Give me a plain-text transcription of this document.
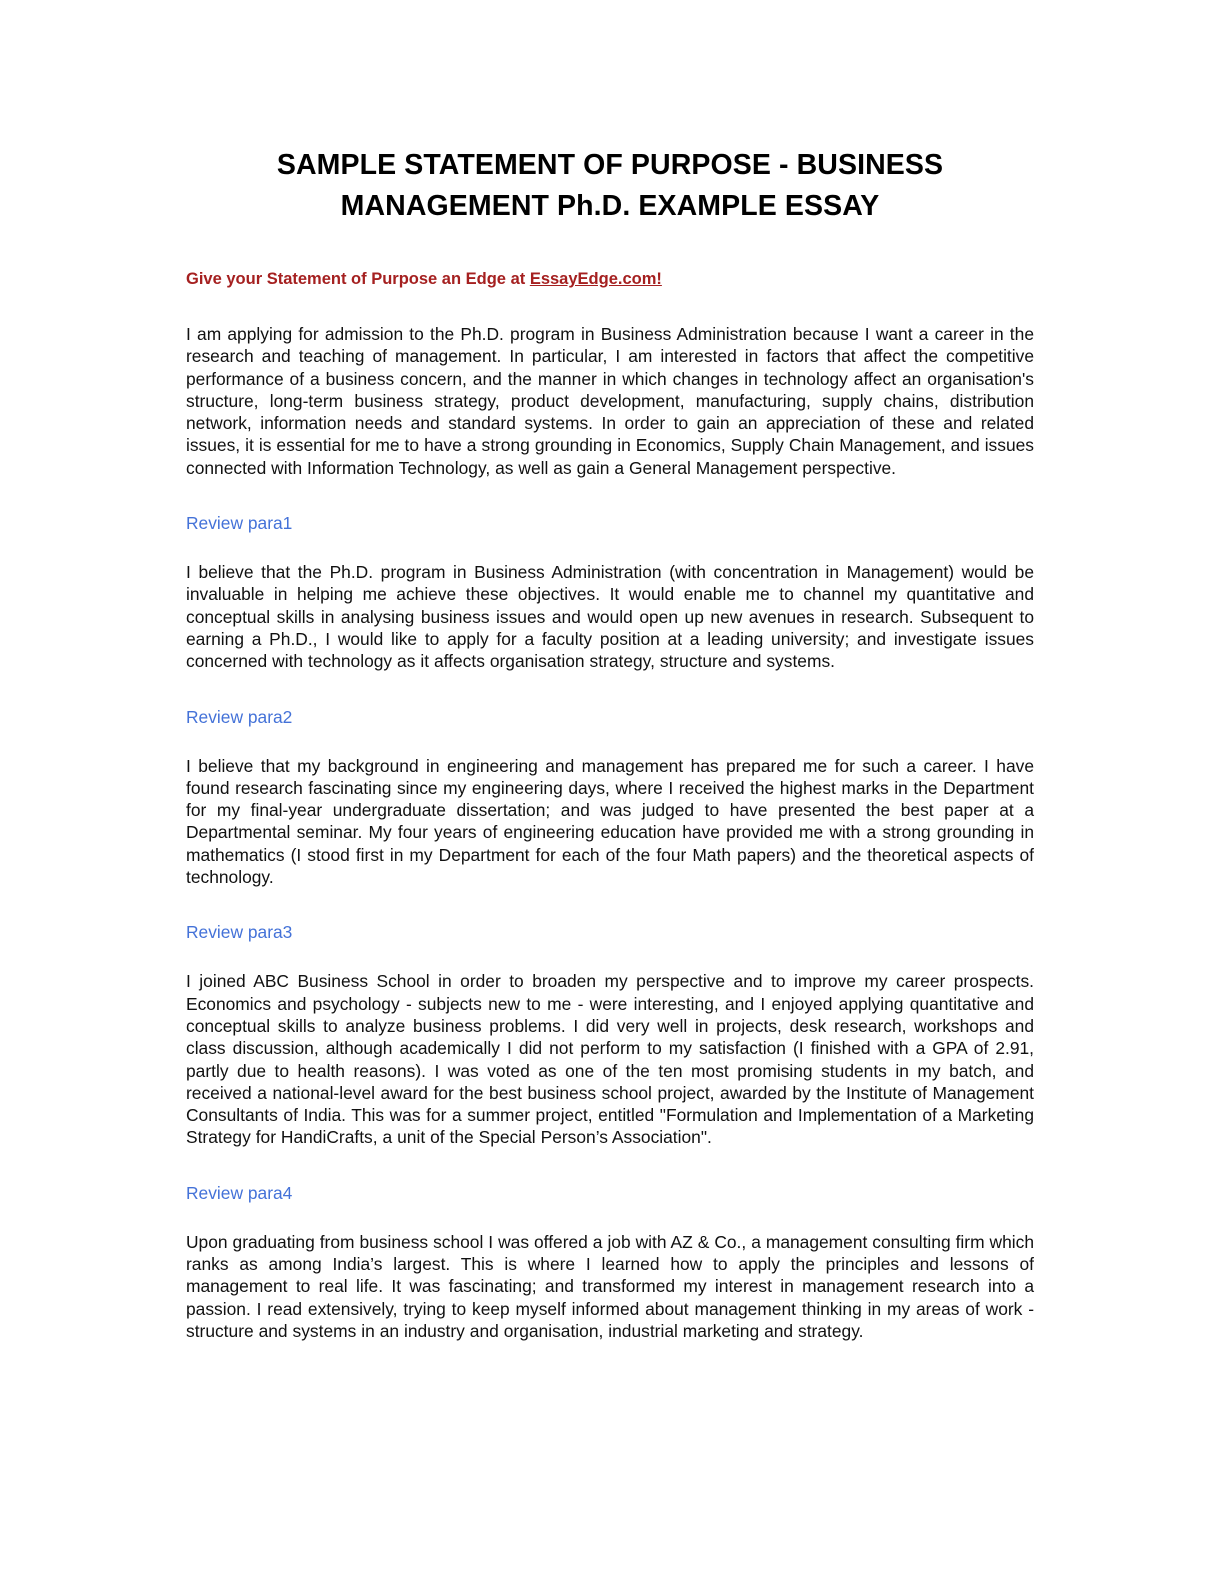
SAMPLE STATEMENT OF PURPOSE - BUSINESS
MANAGEMENT Ph.D. EXAMPLE ESSAY

Give your Statement of Purpose an Edge at EssayEdge.com!

I am applying for admission to the Ph.D. program in Business Administration because I want a career in the research and teaching of management. In particular, I am interested in factors that affect the competitive performance of a business concern, and the manner in which changes in technology affect an organisation's structure, long-term business strategy, product development, manufacturing, supply chains, distribution network, information needs and standard systems. In order to gain an appreciation of these and related issues, it is essential for me to have a strong grounding in Economics, Supply Chain Management, and issues connected with Information Technology, as well as gain a General Management perspective.

Review para1

I believe that the Ph.D. program in Business Administration (with concentration in Management) would be invaluable in helping me achieve these objectives. It would enable me to channel my quantitative and conceptual skills in analysing business issues and would open up new avenues in research. Subsequent to earning a Ph.D., I would like to apply for a faculty position at a leading university; and investigate issues concerned with technology as it affects organisation strategy, structure and systems.

Review para2

I believe that my background in engineering and management has prepared me for such a career. I have found research fascinating since my engineering days, where I received the highest marks in the Department for my final-year undergraduate dissertation; and was judged to have presented the best paper at a Departmental seminar. My four years of engineering education have provided me with a strong grounding in mathematics (I stood first in my Department for each of the four Math papers) and the theoretical aspects of technology.

Review para3

I joined ABC Business School in order to broaden my perspective and to improve my career prospects. Economics and psychology - subjects new to me - were interesting, and I enjoyed applying quantitative and conceptual skills to analyze business problems. I did very well in projects, desk research, workshops and class discussion, although academically I did not perform to my satisfaction (I finished with a GPA of 2.91, partly due to health reasons). I was voted as one of the ten most promising students in my batch, and received a national-level award for the best business school project, awarded by the Institute of Management Consultants of India. This was for a summer project, entitled "Formulation and Implementation of a Marketing Strategy for HandiCrafts, a unit of the Special Person’s Association".

Review para4

Upon graduating from business school I was offered a job with AZ & Co., a management consulting firm which ranks as among India’s largest. This is where I learned how to apply the principles and lessons of management to real life. It was fascinating; and transformed my interest in management research into a passion. I read extensively, trying to keep myself informed about management thinking in my areas of work - structure and systems in an industry and organisation, industrial marketing and strategy.
